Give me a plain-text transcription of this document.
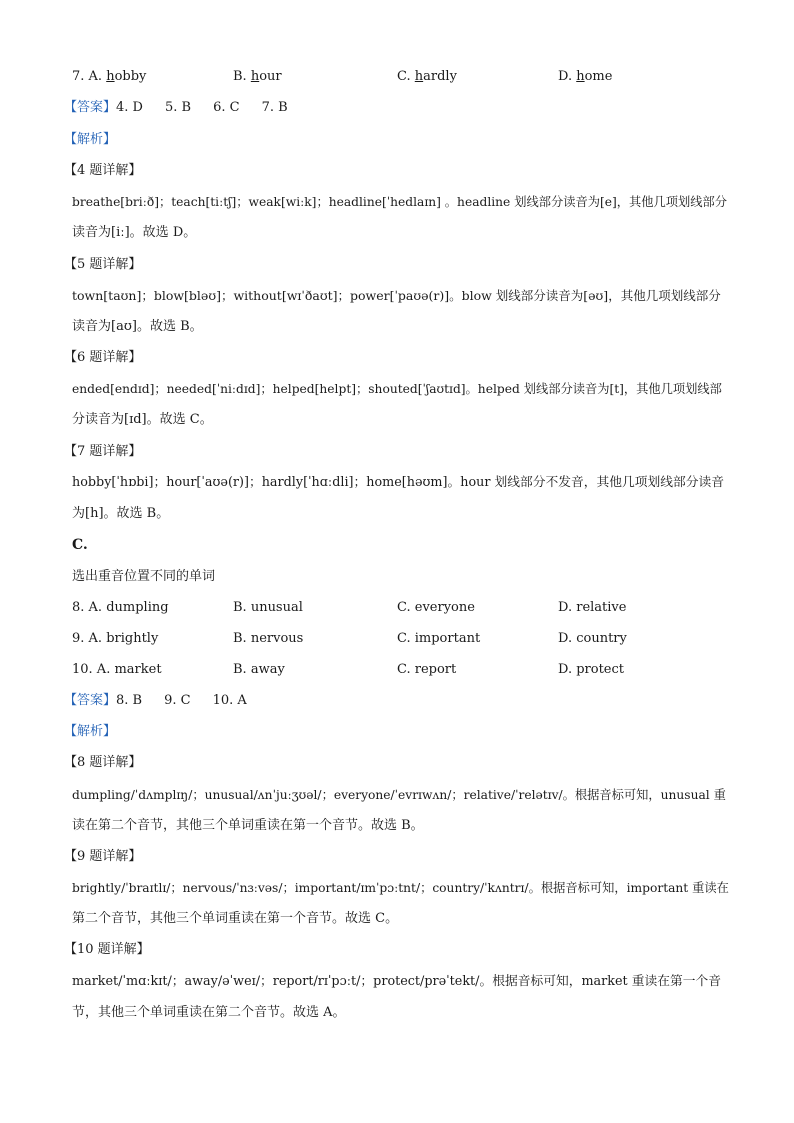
7. A. hobby	B. hour	C. hardly	D. home
【答案】4. D 5. B 6. C 7. B
【解析】
【4 题详解】
breathe[briːð]；teach[tiːtʃ]；weak[wiːk]；headline[ˈhedlaɪn] 。headline 划线部分读音为[e]，其他几项划线部分
读音为[iː]。故选 D。
【5 题详解】
town[taʊn]；blow[bləʊ]；without[wɪˈðaʊt]；power[ˈpaʊə(r)]。blow 划线部分读音为[əʊ]，其他几项划线部分
读音为[aʊ]。故选 B。
【6 题详解】
ended[endɪd]；needed[ˈniːdɪd]；helped[helpt]；shouted[ˈʃaʊtɪd]。helped 划线部分读音为[t]，其他几项划线部
分读音为[ɪd]。故选 C。
【7 题详解】
hobby[ˈhɒbi]；hour[ˈaʊə(r)]；hardly[ˈhɑːdli]；home[həʊm]。hour 划线部分不发音，其他几项划线部分读音
为[h]。故选 B。
C.
选出重音位置不同的单词
8. A. dumpling	B. unusual	C. everyone	D. relative
9. A. brightly	B. nervous	C. important	D. country
10. A. market	B. away	C. report	D. protect
【答案】8. B 9. C 10. A
【解析】
【8 题详解】
dumpling/ˈdʌmplɪŋ/；unusual/ʌnˈjuːʒʊəl/；everyone/ˈevrɪwʌn/；relative/ˈrelətɪv/。根据音标可知，unusual 重
读在第二个音节，其他三个单词重读在第一个音节。故选 B。
【9 题详解】
brightly/ˈbraɪtlɪ/；nervous/ˈnɜːvəs/；important/ɪmˈpɔːtnt/；country/ˈkʌntrɪ/。根据音标可知，important 重读在
第二个音节，其他三个单词重读在第一个音节。故选 C。
【10 题详解】
market/ˈmɑːkɪt/；away/əˈweɪ/；report/rɪˈpɔːt/；protect/prəˈtekt/。根据音标可知，market 重读在第一个音
节，其他三个单词重读在第二个音节。故选 A。
